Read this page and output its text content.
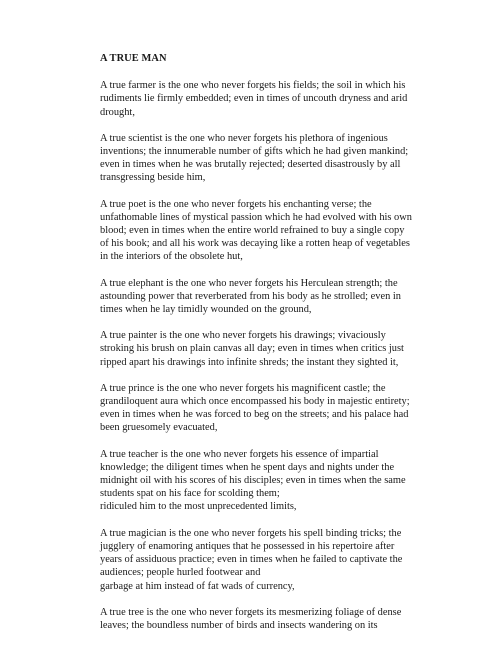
A TRUE MAN
A true farmer is the one who never forgets his fields; the soil in which his
rudiments lie firmly embedded; even in times of uncouth dryness and arid
drought,
A true scientist is the one who never forgets his plethora of ingenious
inventions; the innumerable number of gifts which he had given mankind;
even in times when he was brutally rejected; deserted disastrously by all
transgressing beside him,
A true poet is the one who never forgets his enchanting verse; the
unfathomable lines of mystical passion which he had evolved with his own
blood; even in times when the entire world refrained to buy a single copy
of his book; and all his work was decaying like a rotten heap of vegetables
in the interiors of the obsolete hut,
A true elephant is the one who never forgets his Herculean strength; the
astounding power that reverberated from his body as he strolled; even in
times when he lay timidly wounded on the ground,
A true painter is the one who never forgets his drawings; vivaciously
stroking his brush on plain canvas all day; even in times when critics just
ripped apart his drawings into infinite shreds; the instant they sighted it,
A true prince is the one who never forgets his magnificent castle; the
grandiloquent aura which once encompassed his body in majestic entirety;
even in times when he was forced to beg on the streets; and his palace had
been gruesomely evacuated,
A true teacher is the one who never forgets his essence of impartial
knowledge; the diligent times when he spent days and nights under the
midnight oil with his scores of his disciples; even in times when the same
students spat on his face for scolding them;
ridiculed him to the most unprecedented limits,
A true magician is the one who never forgets his spell binding tricks; the
jugglery of enamoring antiques that he possessed in his repertoire after
years of assiduous practice; even in times when he failed to captivate the
audiences; people hurled footwear and
garbage at him instead of fat wads of currency,
A true tree is the one who never forgets its mesmerizing foliage of dense
leaves; the boundless number of birds and insects wandering on its
